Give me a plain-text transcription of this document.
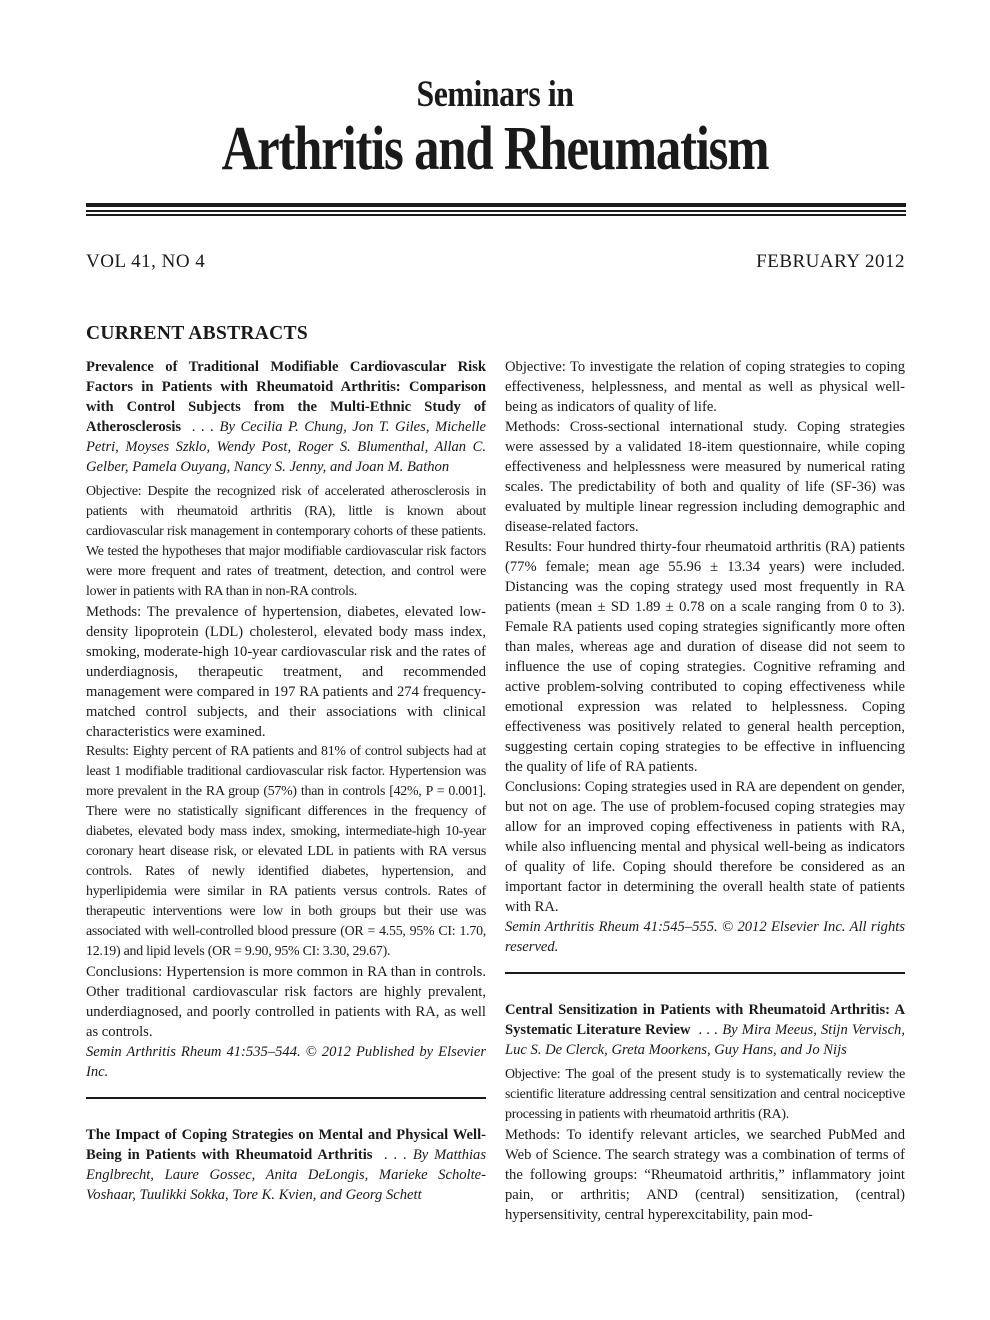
Seminars in
Arthritis and Rheumatism
VOL 41, NO 4	FEBRUARY 2012
CURRENT ABSTRACTS
Prevalence of Traditional Modifiable Cardiovascular Risk Factors in Patients with Rheumatoid Arthritis: Comparison with Control Subjects from the Multi-Ethnic Study of Atherosclerosis . . . By Cecilia P. Chung, Jon T. Giles, Michelle Petri, Moyses Szklo, Wendy Post, Roger S. Blumenthal, Allan C. Gelber, Pamela Ouyang, Nancy S. Jenny, and Joan M. Bathon

Objective: Despite the recognized risk of accelerated atherosclerosis in patients with rheumatoid arthritis (RA), little is known about cardiovascular risk management in contemporary cohorts of these patients. We tested the hypotheses that major modifiable cardiovascular risk factors were more frequent and rates of treatment, detection, and control were lower in patients with RA than in non-RA controls.

Methods: The prevalence of hypertension, diabetes, elevated low-density lipoprotein (LDL) cholesterol, elevated body mass index, smoking, moderate-high 10-year cardiovascular risk and the rates of underdiagnosis, therapeutic treatment, and recommended management were compared in 197 RA patients and 274 frequency-matched control subjects, and their associations with clinical characteristics were examined.

Results: Eighty percent of RA patients and 81% of control subjects had at least 1 modifiable traditional cardiovascular risk factor. Hypertension was more prevalent in the RA group (57%) than in controls [42%, P = 0.001]. There were no statistically significant differences in the frequency of diabetes, elevated body mass index, smoking, intermediate-high 10-year coronary heart disease risk, or elevated LDL in patients with RA versus controls. Rates of newly identified diabetes, hypertension, and hyperlipidemia were similar in RA patients versus controls. Rates of therapeutic interventions were low in both groups but their use was associated with well-controlled blood pressure (OR = 4.55, 95% CI: 1.70, 12.19) and lipid levels (OR = 9.90, 95% CI: 3.30, 29.67).

Conclusions: Hypertension is more common in RA than in controls. Other traditional cardiovascular risk factors are highly prevalent, underdiagnosed, and poorly controlled in patients with RA, as well as controls.

Semin Arthritis Rheum 41:535–544. © 2012 Published by Elsevier Inc.

The Impact of Coping Strategies on Mental and Physical Well-Being in Patients with Rheumatoid Arthritis . . . By Matthias Englbrecht, Laure Gossec, Anita DeLongis, Marieke Scholte-Voshaar, Tuulikki Sokka, Tore K. Kvien, and Georg Schett

Objective: To investigate the relation of coping strategies to coping effectiveness, helplessness, and mental as well as physical well-being as indicators of quality of life.

Methods: Cross-sectional international study. Coping strategies were assessed by a validated 18-item questionnaire, while coping effectiveness and helplessness were measured by numerical rating scales. The predictability of both and quality of life (SF-36) was evaluated by multiple linear regression including demographic and disease-related factors.

Results: Four hundred thirty-four rheumatoid arthritis (RA) patients (77% female; mean age 55.96 ± 13.34 years) were included. Distancing was the coping strategy used most frequently in RA patients (mean ± SD 1.89 ± 0.78 on a scale ranging from 0 to 3). Female RA patients used coping strategies significantly more often than males, whereas age and duration of disease did not seem to influence the use of coping strategies. Cognitive reframing and active problem-solving contributed to coping effectiveness while emotional expression was related to helplessness. Coping effectiveness was positively related to general health perception, suggesting certain coping strategies to be effective in influencing the quality of life of RA patients.

Conclusions: Coping strategies used in RA are dependent on gender, but not on age. The use of problem-focused coping strategies may allow for an improved coping effectiveness in patients with RA, while also influencing mental and physical well-being as indicators of quality of life. Coping should therefore be considered as an important factor in determining the overall health state of patients with RA.

Semin Arthritis Rheum 41:545–555. © 2012 Elsevier Inc. All rights reserved.

Central Sensitization in Patients with Rheumatoid Arthritis: A Systematic Literature Review . . . By Mira Meeus, Stijn Vervisch, Luc S. De Clerck, Greta Moorkens, Guy Hans, and Jo Nijs

Objective: The goal of the present study is to systematically review the scientific literature addressing central sensitization and central nociceptive processing in patients with rheumatoid arthritis (RA).

Methods: To identify relevant articles, we searched PubMed and Web of Science. The search strategy was a combination of terms of the following groups: “Rheumatoid arthritis,” inflammatory joint pain, or arthritis; AND (central) sensitization, (central) hypersensitivity, central hyperexcitability, pain mod-
